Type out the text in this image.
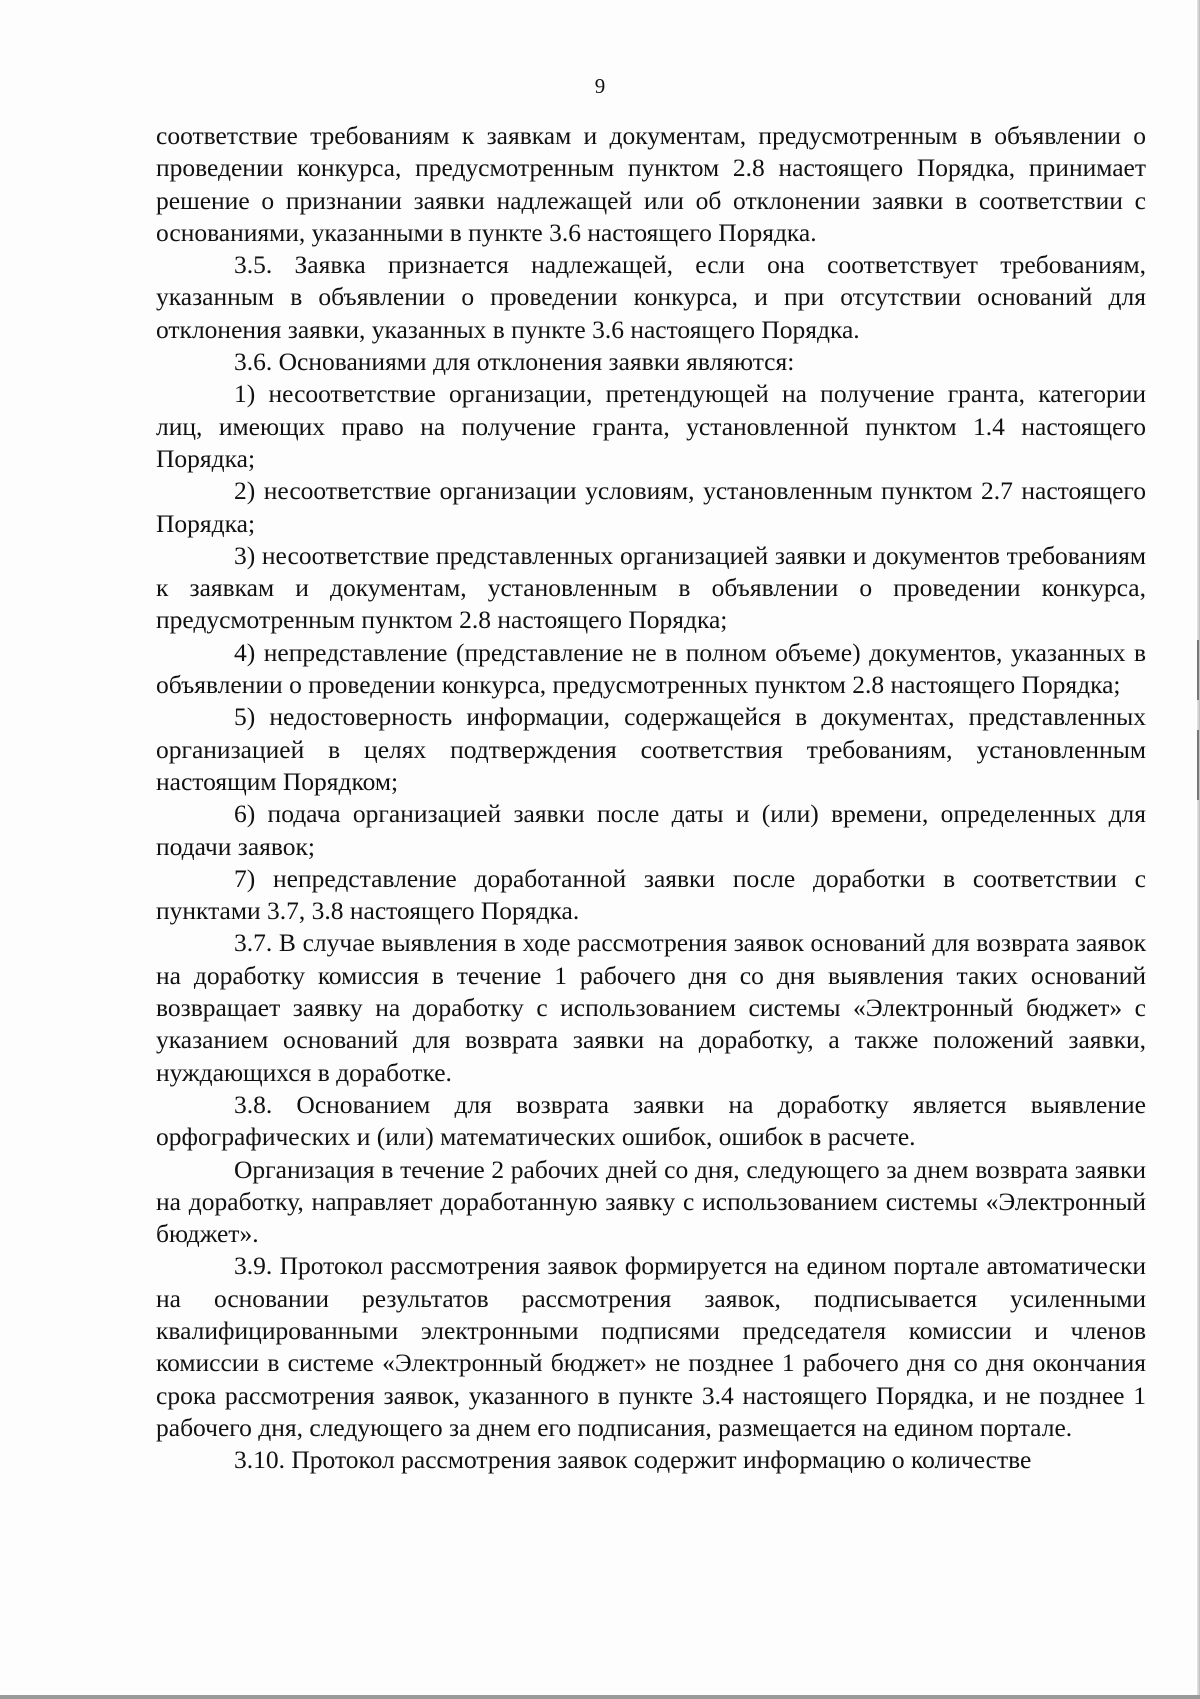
9

соответствие требованиям к заявкам и документам, предусмотренным в объявлении о проведении конкурса, предусмотренным пунктом 2.8 настоящего Порядка, принимает решение о признании заявки надлежащей или об отклонении заявки в соответствии с основаниями, указанными в пункте 3.6 настоящего Порядка.

3.5. Заявка признается надлежащей, если она соответствует требованиям, указанным в объявлении о проведении конкурса, и при отсутствии оснований для отклонения заявки, указанных в пункте 3.6 настоящего Порядка.

3.6. Основаниями для отклонения заявки являются:

1) несоответствие организации, претендующей на получение гранта, категории лиц, имеющих право на получение гранта, установленной пунктом 1.4 настоящего Порядка;

2) несоответствие организации условиям, установленным пунктом 2.7 настоящего Порядка;

3) несоответствие представленных организацией заявки и документов требованиям к заявкам и документам, установленным в объявлении о проведении конкурса, предусмотренным пунктом 2.8 настоящего Порядка;

4) непредставление (представление не в полном объеме) документов, указанных в объявлении о проведении конкурса, предусмотренных пунктом 2.8 настоящего Порядка;

5) недостоверность информации, содержащейся в документах, представленных организацией в целях подтверждения соответствия требованиям, установленным настоящим Порядком;

6) подача организацией заявки после даты и (или) времени, определенных для подачи заявок;

7) непредставление доработанной заявки после доработки в соответствии с пунктами 3.7, 3.8 настоящего Порядка.

3.7. В случае выявления в ходе рассмотрения заявок оснований для возврата заявок на доработку комиссия в течение 1 рабочего дня со дня выявления таких оснований возвращает заявку на доработку с использованием системы «Электронный бюджет» с указанием оснований для возврата заявки на доработку, а также положений заявки, нуждающихся в доработке.

3.8. Основанием для возврата заявки на доработку является выявление орфографических и (или) математических ошибок, ошибок в расчете.

Организация в течение 2 рабочих дней со дня, следующего за днем возврата заявки на доработку, направляет доработанную заявку с использованием системы «Электронный бюджет».

3.9. Протокол рассмотрения заявок формируется на едином портале автоматически на основании результатов рассмотрения заявок, подписывается усиленными квалифицированными электронными подписями председателя комиссии и членов комиссии в системе «Электронный бюджет» не позднее 1 рабочего дня со дня окончания срока рассмотрения заявок, указанного в пункте 3.4 настоящего Порядка, и не позднее 1 рабочего дня, следующего за днем его подписания, размещается на едином портале.

3.10. Протокол рассмотрения заявок содержит информацию о количестве
